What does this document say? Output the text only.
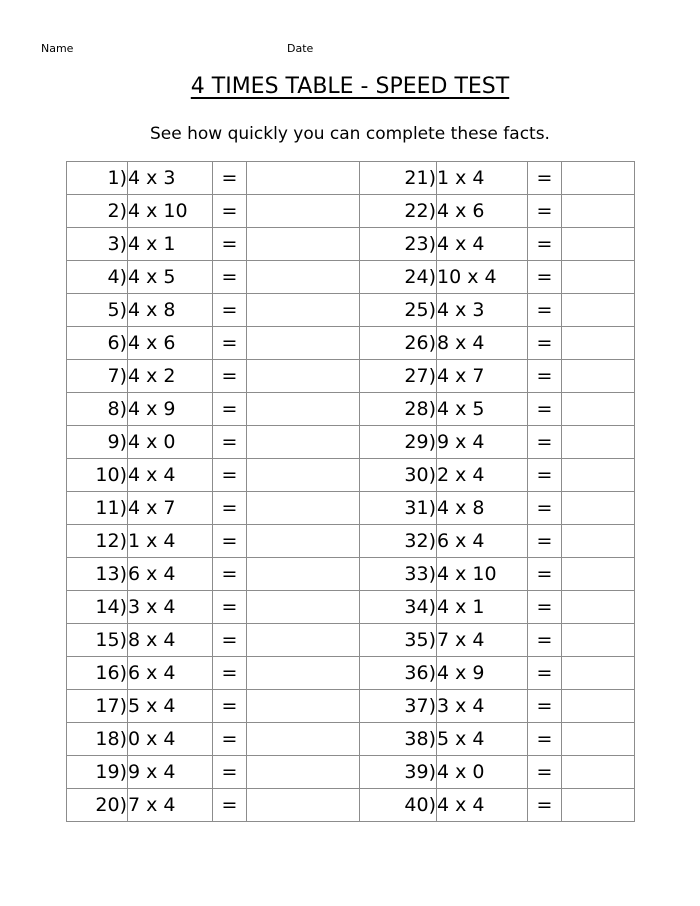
Name	Date
4 TIMES TABLE - SPEED TEST
See how quickly you can complete these facts.
1)	4 x 3	=		21)	1 x 4	=	
2)	4 x 10	=		22)	4 x 6	=	
3)	4 x 1	=		23)	4 x 4	=	
4)	4 x 5	=		24)	10 x 4	=	
5)	4 x 8	=		25)	4 x 3	=	
6)	4 x 6	=		26)	8 x 4	=	
7)	4 x 2	=		27)	4 x 7	=	
8)	4 x 9	=		28)	4 x 5	=	
9)	4 x 0	=		29)	9 x 4	=	
10)	4 x 4	=		30)	2 x 4	=	
11)	4 x 7	=		31)	4 x 8	=	
12)	1 x 4	=		32)	6 x 4	=	
13)	6 x 4	=		33)	4 x 10	=	
14)	3 x 4	=		34)	4 x 1	=	
15)	8 x 4	=		35)	7 x 4	=	
16)	6 x 4	=		36)	4 x 9	=	
17)	5 x 4	=		37)	3 x 4	=	
18)	0 x 4	=		38)	5 x 4	=	
19)	9 x 4	=		39)	4 x 0	=	
20)	7 x 4	=		40)	4 x 4	=	
